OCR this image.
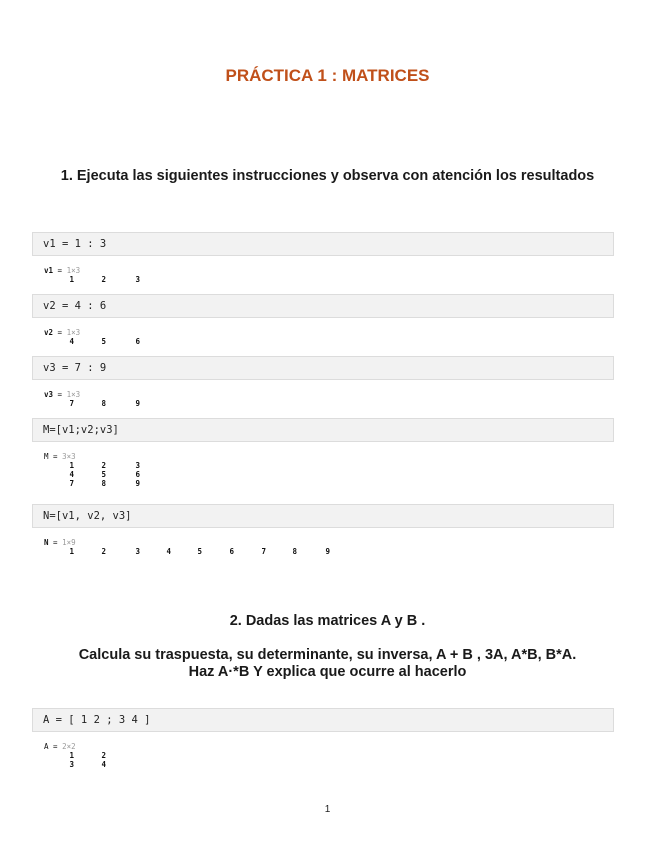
PRÁCTICA 1 : MATRICES
1. Ejecuta las siguientes instrucciones y observa con atención los resultados
v1 = 1 : 3
v1 = 1×3
1	2	3
v2 = 4 : 6
v2 = 1×3
4	5	6
v3 = 7 : 9
v3 = 1×3
7	8	9
M=[v1;v2;v3]
M = 3×3
1	2	3
4	5	6
7	8	9
N=[v1, v2, v3]
N = 1×9
1	2	3	4	5	6	7	8	9
2. Dadas las matrices A y B .
Calcula su traspuesta, su determinante, su inversa, A + B , 3A, A*B, B*A.
Haz A·*B Y explica que ocurre al hacerlo
A = [ 1 2 ; 3 4 ]
A = 2×2
1	2
3	4
1
